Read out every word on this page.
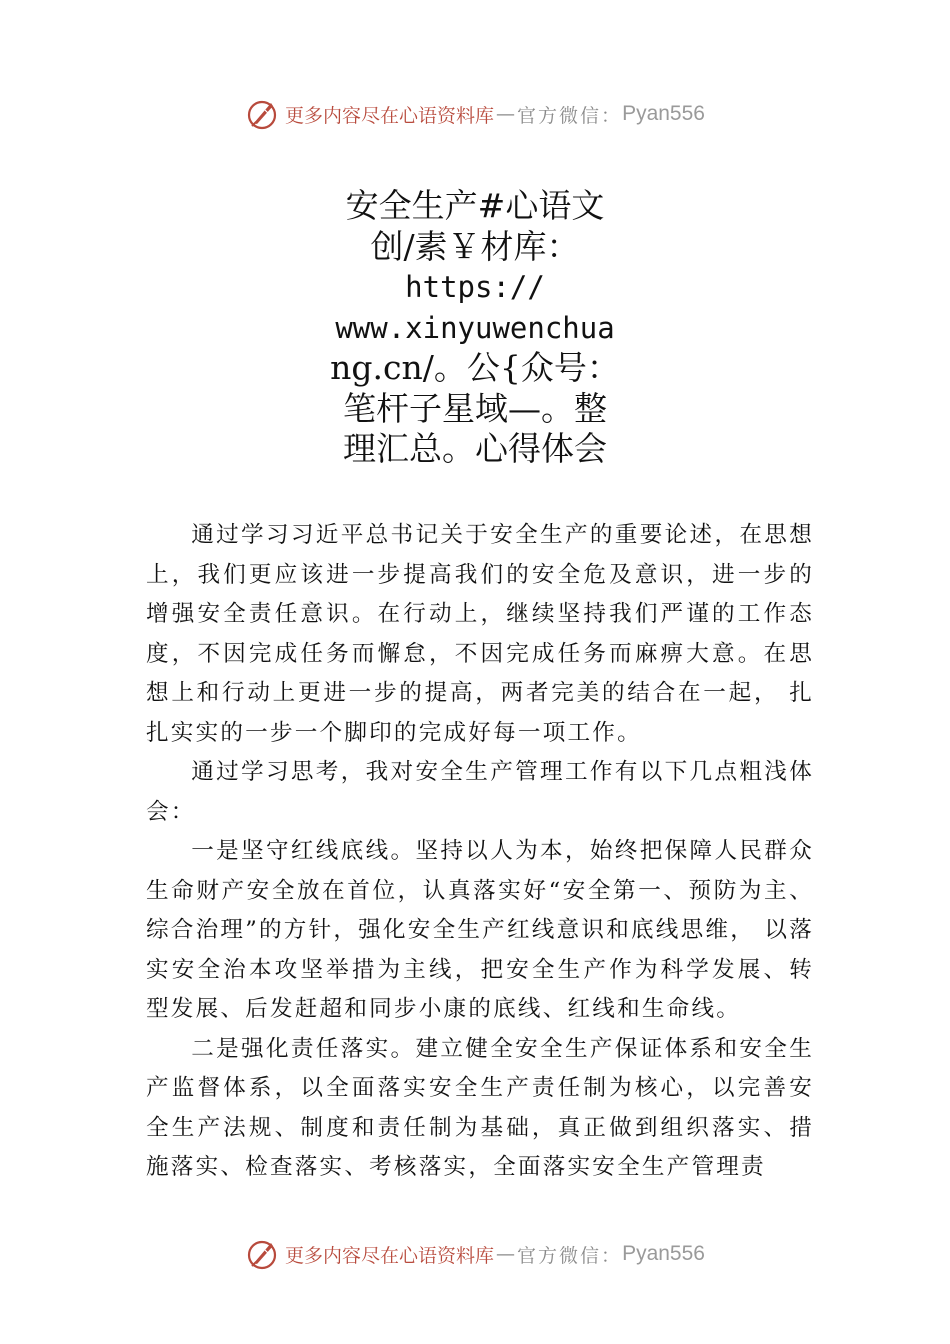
更多内容尽在心语资料库 — 官方微信： Pyan556
安全生产#心语文
创/素￥材库：
https://
www.xinyuwenchua
ng.cn/。公{众号：
笔杆子星域—。整
理汇总。心得体会

通过学习习近平总书记关于安全生产的重要论述，在思想上，我们更应该进一步提高我们的安全危及意识，进一步的增强安全责任意识。在行动上，继续坚持我们严谨的工作态度，不因完成任务而懈怠，不因完成任务而麻痹大意。在思想上和行动上更进一步的提高，两者完美的结合在一起， 扎扎实实的一步一个脚印的完成好每一项工作。

通过学习思考，我对安全生产管理工作有以下几点粗浅体会：

一是坚守红线底线。坚持以人为本，始终把保障人民群众生命财产安全放在首位，认真落实好“安全第一、预防为主、综合治理”的方针，强化安全生产红线意识和底线思维， 以落实安全治本攻坚举措为主线，把安全生产作为科学发展、转型发展、后发赶超和同步小康的底线、红线和生命线。

二是强化责任落实。建立健全安全生产保证体系和安全生产监督体系，以全面落实安全生产责任制为核心，以完善安全生产法规、制度和责任制为基础，真正做到组织落实、措施落实、检查落实、考核落实，全面落实安全生产管理责

更多内容尽在心语资料库 — 官方微信： Pyan556
